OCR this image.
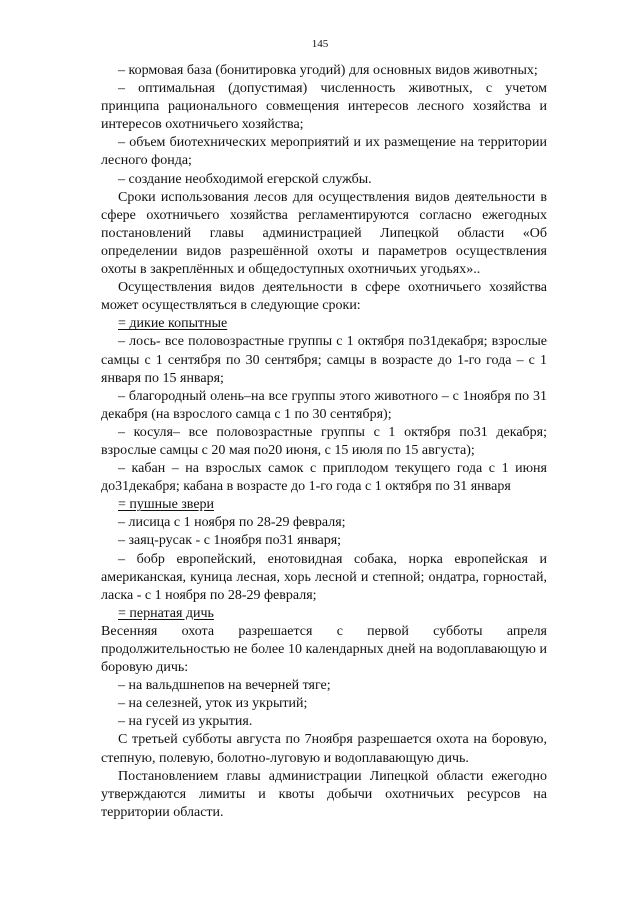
145

– кормовая база (бонитировка угодий) для основных видов животных;

– оптимальная (допустимая) численность животных, с учетом принципа рационального совмещения интересов лесного хозяйства и интересов охотничьего хозяйства;

– объем биотехнических мероприятий и их размещение на территории лесного фонда;

– создание необходимой егерской службы.

Сроки использования лесов для осуществления видов деятельности в сфере охотничьего хозяйства регламентируются согласно ежегодных постановлений главы администрацией Липецкой области «Об определении видов разрешённой охоты и параметров осуществления охоты в закреплённых и общедоступных охотничьих угодьях»..

Осуществления видов деятельности в сфере охотничьего хозяйства может осуществляться в следующие сроки:

= дикие копытные

– лось- все половозрастные группы с 1 октября по31декабря; взрослые самцы с 1 сентября по 30 сентября; самцы в возрасте до 1-го года – с 1 января по 15 января;

– благородный олень–на все группы этого животного – с 1ноября по 31 декабря (на взрослого самца с 1 по 30 сентября);

– косуля– все половозрастные группы с 1 октября по31 декабря; взрослые самцы с 20 мая по20 июня, с 15 июля по 15 августа);

– кабан – на взрослых самок с приплодом текущего года с 1 июня до31декабря; кабана в возрасте до 1-го года с 1 октября по 31 января

= пушные звери

– лисица с 1 ноября по 28-29 февраля;

– заяц-русак - с 1ноября по31 января;

– бобр европейский, енотовидная собака, норка европейская и американская, куница лесная, хорь лесной и степной; ондатра, горностай, ласка - с 1 ноября по 28-29 февраля;

= пернатая дичь

Весенняя охота разрешается с первой субботы апреля продолжительностью не более 10 календарных дней на водоплавающую и боровую дичь:

– на вальдшнепов на вечерней тяге;

– на селезней, уток из укрытий;

– на гусей из укрытия.

С третьей субботы августа по 7ноября разрешается охота на боровую, степную, полевую, болотно-луговую и водоплавающую дичь.

Постановлением главы администрации Липецкой области ежегодно утверждаются лимиты и квоты добычи охотничьих ресурсов на территории области.
